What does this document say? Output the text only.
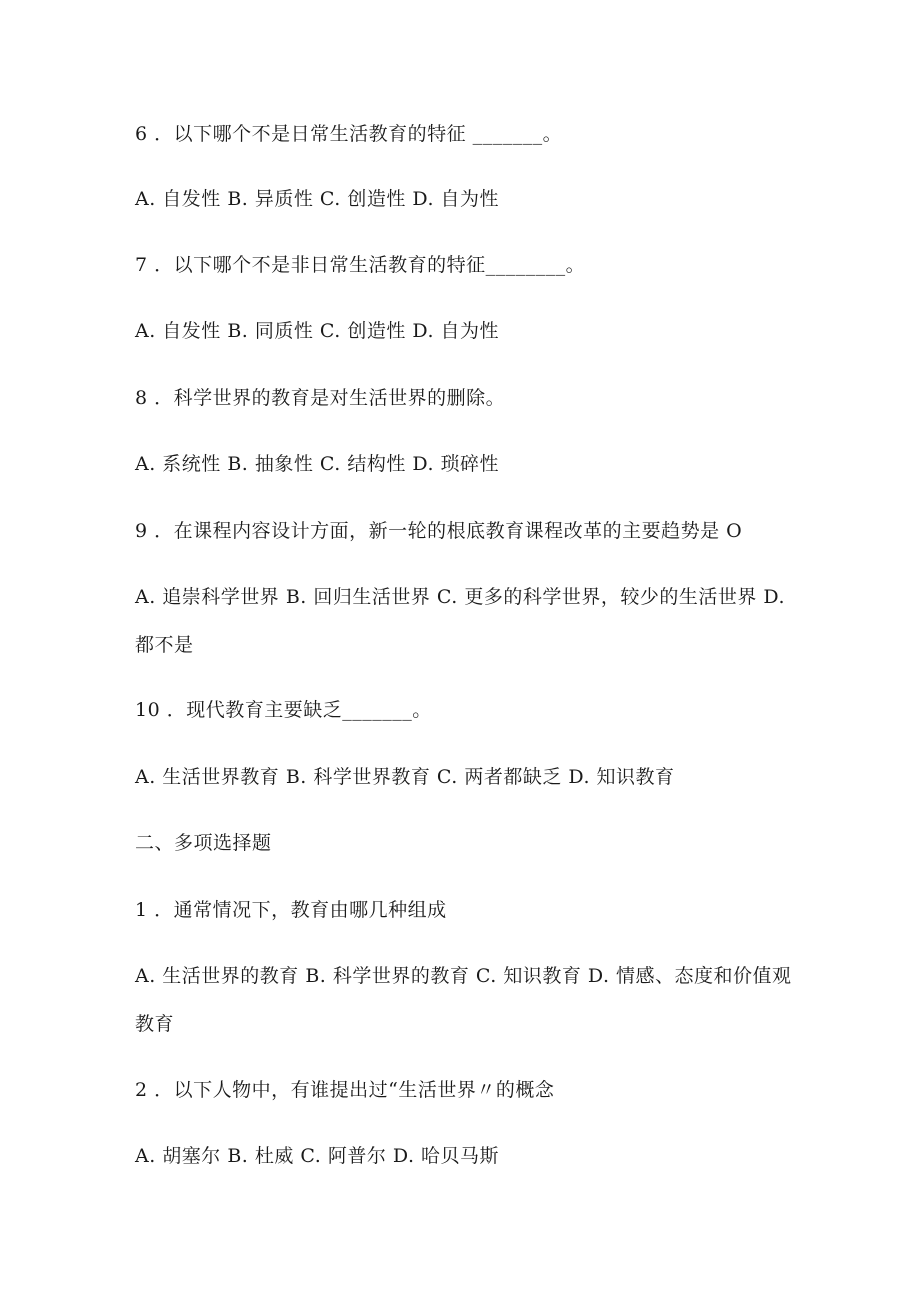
6 ．以下哪个不是日常生活教育的特征 _______。
A. 自发性 B. 异质性 C. 创造性 D. 自为性
7 ．以下哪个不是非日常生活教育的特征________。
A. 自发性 B. 同质性 C. 创造性 D. 自为性
8 ．科学世界的教育是对生活世界的删除。
A. 系统性 B. 抽象性 C. 结构性 D. 琐碎性
9 ．在课程内容设计方面，新一轮的根底教育课程改革的主要趋势是 O
A. 追崇科学世界 B. 回归生活世界 C. 更多的科学世界，较少的生活世界 D.
都不是
10 ．现代教育主要缺乏_______。
A. 生活世界教育 B. 科学世界教育 C. 两者都缺乏 D. 知识教育
二、多项选择题
1 ．通常情况下，教育由哪几种组成
A. 生活世界的教育 B. 科学世界的教育 C. 知识教育 D. 情感、态度和价值观
教育
2 ．以下人物中，有谁提出过“生活世界〃的概念
A. 胡塞尔 B. 杜威 C. 阿普尔 D. 哈贝马斯
